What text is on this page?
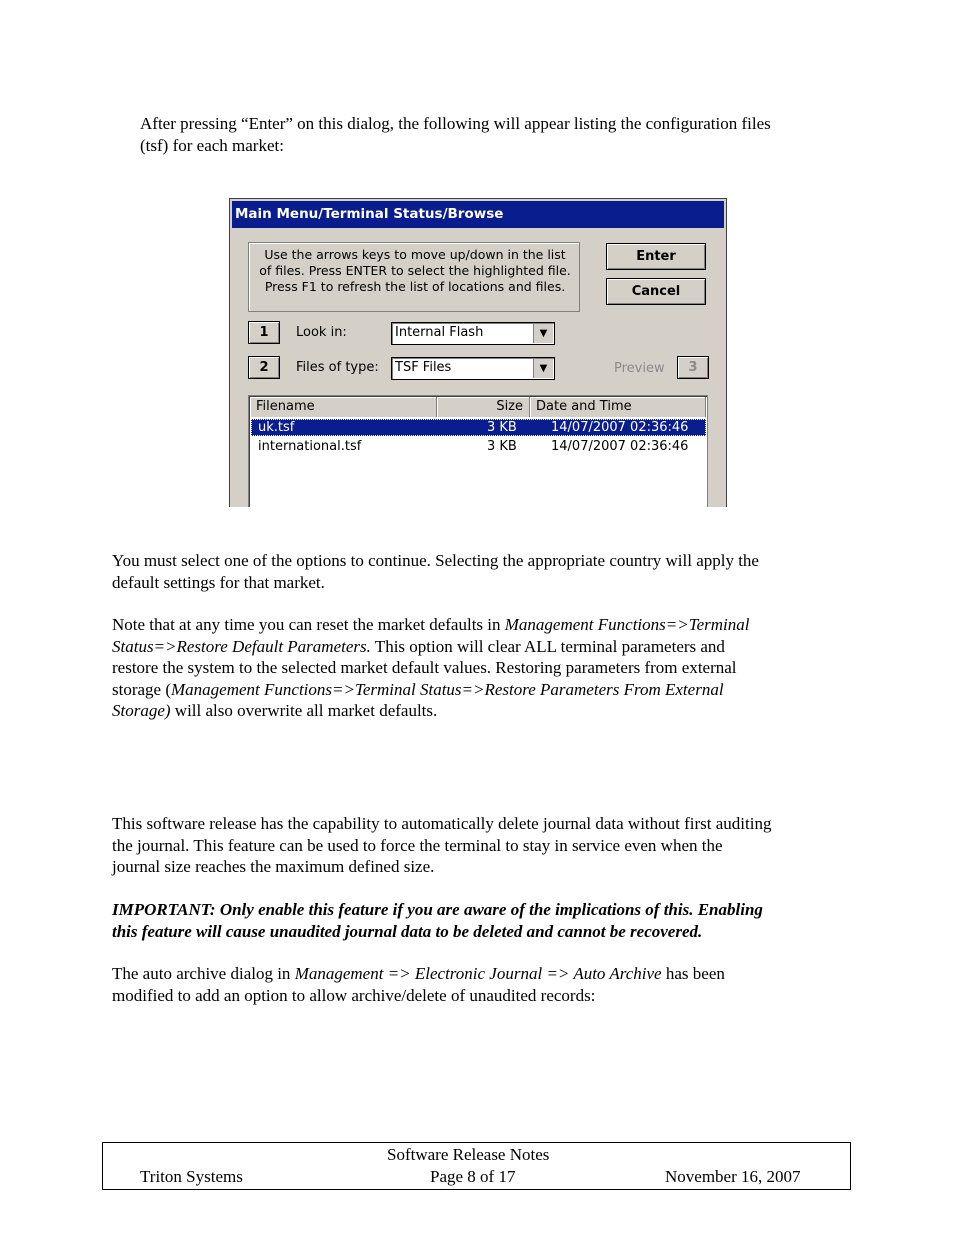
After pressing “Enter” on this dialog, the following will appear listing the configuration files
(tsf) for each market:

Main Menu/Terminal Status/Browse
Use the arrows keys to move up/down in the list
of files. Press ENTER to select the highlighted file.
Press F1 to refresh the list of locations and files.
Enter
Cancel
1	Look in:	Internal Flash	▼
2	Files of type: TSF Files	▼	Preview	3
Filename	Size	Date and Time
uk.tsf	3 KB	14/07/2007 02:36:46
international.tsf	3 KB	14/07/2007 02:36:46

You must select one of the options to continue. Selecting the appropriate country will apply the
default settings for that market.

Note that at any time you can reset the market defaults in Management Functions=>Terminal
Status=>Restore Default Parameters. This option will clear ALL terminal parameters and
restore the system to the selected market default values. Restoring parameters from external
storage (Management Functions=>Terminal Status=>Restore Parameters From External
Storage) will also overwrite all market defaults.

This software release has the capability to automatically delete journal data without first auditing
the journal. This feature can be used to force the terminal to stay in service even when the
journal size reaches the maximum defined size.

IMPORTANT: Only enable this feature if you are aware of the implications of this. Enabling
this feature will cause unaudited journal data to be deleted and cannot be recovered.

The auto archive dialog in Management => Electronic Journal => Auto Archive has been
modified to add an option to allow archive/delete of unaudited records:

Software Release Notes
Triton Systems	Page 8 of 17	November 16, 2007
